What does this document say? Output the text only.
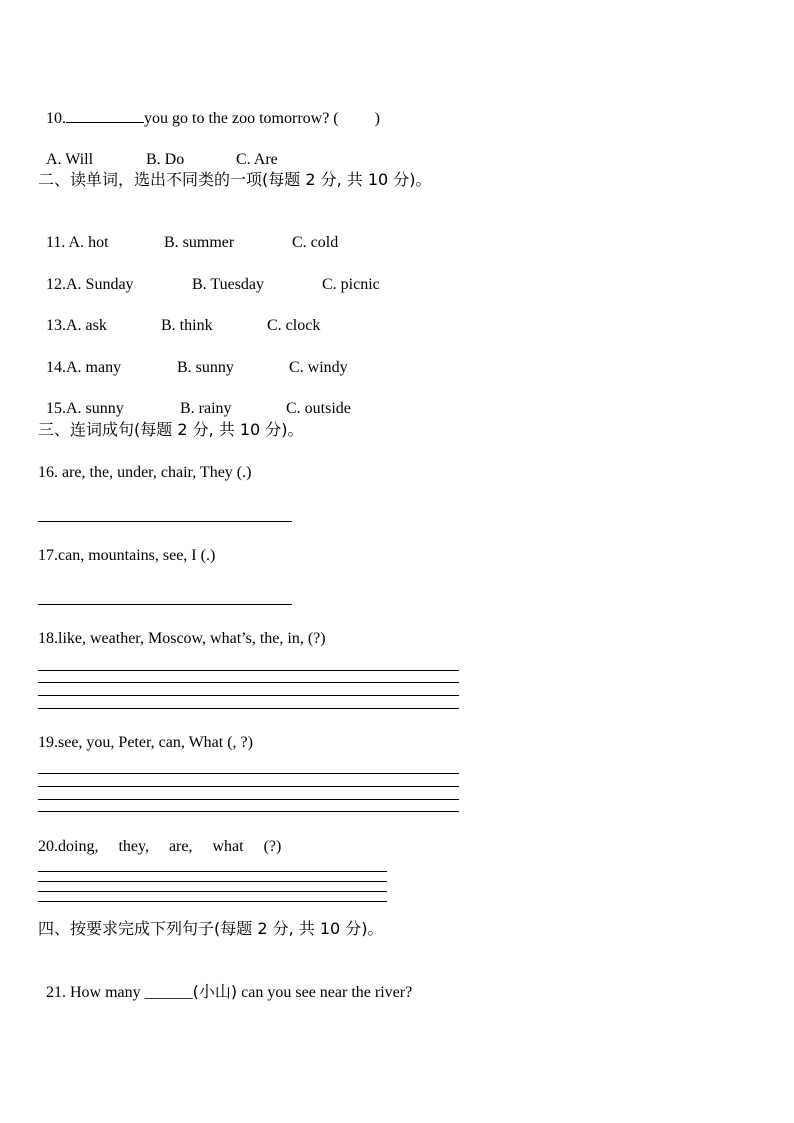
10.	you go to the zoo tomorrow? ( )

A. Will	B. Do	C. Are

二、读单词，选出不同类的一项(每题 2 分, 共 10 分)。

11. A. hot	B. summer	C. cold

12.A. Sunday	B. Tuesday	C. picnic

13.A. ask	B. think	C. clock

14.A. many	B. sunny	C. windy

15.A. sunny	B. rainy	C. outside

三、连词成句(每题 2 分, 共 10 分)。
16. are, the, under, chair, They (.)
17.can, mountains, see, I (.)
18.like, weather, Moscow, what’s, the, in, (?)
19.see, you, Peter, can, What (, ?)
20.doing,     they,     are,     what     (?)
四、按要求完成下列句子(每题 2 分, 共 10 分)。

21. How many ______(小山) can you see near the river?
